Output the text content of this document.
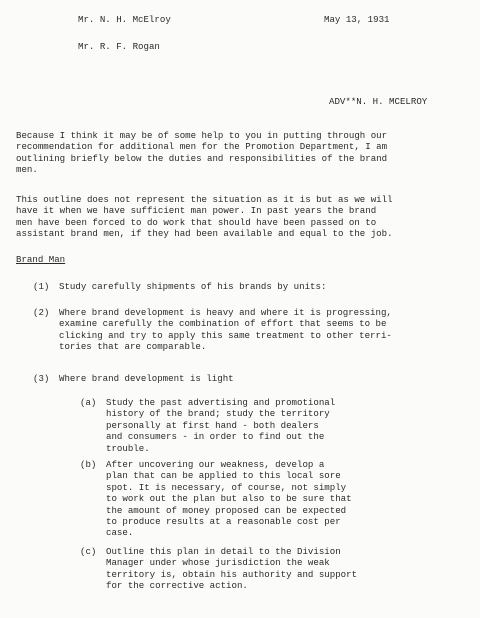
Mr. N. H. McElroy	May 13, 1931
Mr. R. F. Rogan
ADV**N. H. MCELROY
Because I think it may be of some help to you in putting through our
recommendation for additional men for the Promotion Department, I am
outlining briefly below the duties and responsibilities of the brand
men.
This outline does not represent the situation as it is but as we will
have it when we have sufficient man power. In past years the brand
men have been forced to do work that should have been passed on to
assistant brand men, if they had been available and equal to the job.
Brand Man
(1) Study carefully shipments of his brands by units:
(2) Where brand development is heavy and where it is progressing,
examine carefully the combination of effort that seems to be
clicking and try to apply this same treatment to other terri-
tories that are comparable.
(3) Where brand development is light
(a) Study the past advertising and promotional
history of the brand; study the territory
personally at first hand - both dealers
and consumers - in order to find out the
trouble.
(b) After uncovering our weakness, develop a
plan that can be applied to this local sore
spot. It is necessary, of course, not simply
to work out the plan but also to be sure that
the amount of money proposed can be expected
to produce results at a reasonable cost per
case.
(c) Outline this plan in detail to the Division
Manager under whose jurisdiction the weak
territory is, obtain his authority and support
for the corrective action.
